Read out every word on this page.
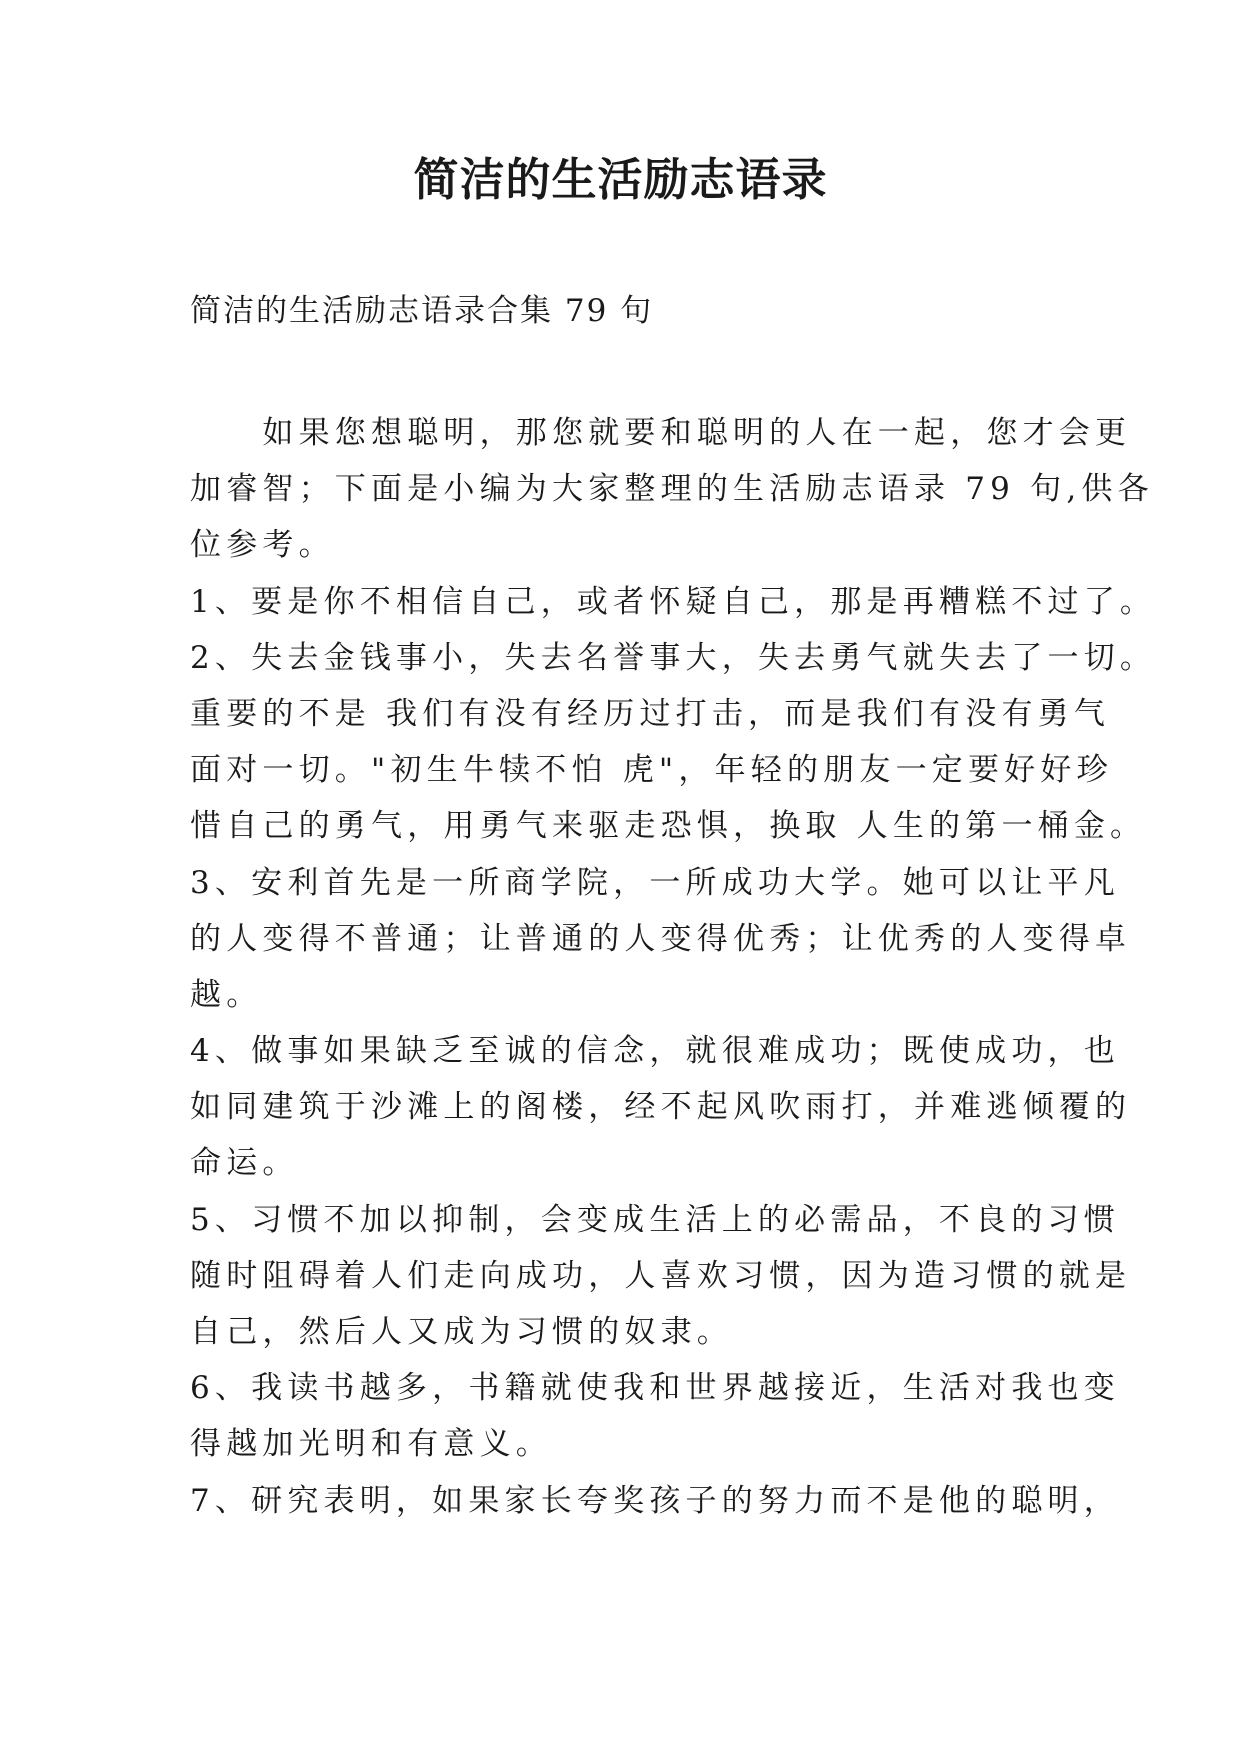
简洁的生活励志语录
简洁的生活励志语录合集 79 句
　　如果您想聪明，那您就要和聪明的人在一起，您才会更
加睿智；下面是小编为大家整理的生活励志语录 79 句,供各
位参考。
1、要是你不相信自己，或者怀疑自己，那是再糟糕不过了。
2、失去金钱事小，失去名誉事大，失去勇气就失去了一切。
重要的不是 我们有没有经历过打击，而是我们有没有勇气
面对一切。"初生牛犊不怕 虎"，年轻的朋友一定要好好珍
惜自己的勇气，用勇气来驱走恐惧，换取 人生的第一桶金。
3、安利首先是一所商学院，一所成功大学。她可以让平凡
的人变得不普通；让普通的人变得优秀；让优秀的人变得卓
越。
4、做事如果缺乏至诚的信念，就很难成功；既使成功，也
如同建筑于沙滩上的阁楼，经不起风吹雨打，并难逃倾覆的
命运。
5、习惯不加以抑制，会变成生活上的必需品，不良的习惯
随时阻碍着人们走向成功，人喜欢习惯，因为造习惯的就是
自己，然后人又成为习惯的奴隶。
6、我读书越多，书籍就使我和世界越接近，生活对我也变
得越加光明和有意义。
7、研究表明，如果家长夸奖孩子的努力而不是他的聪明，
